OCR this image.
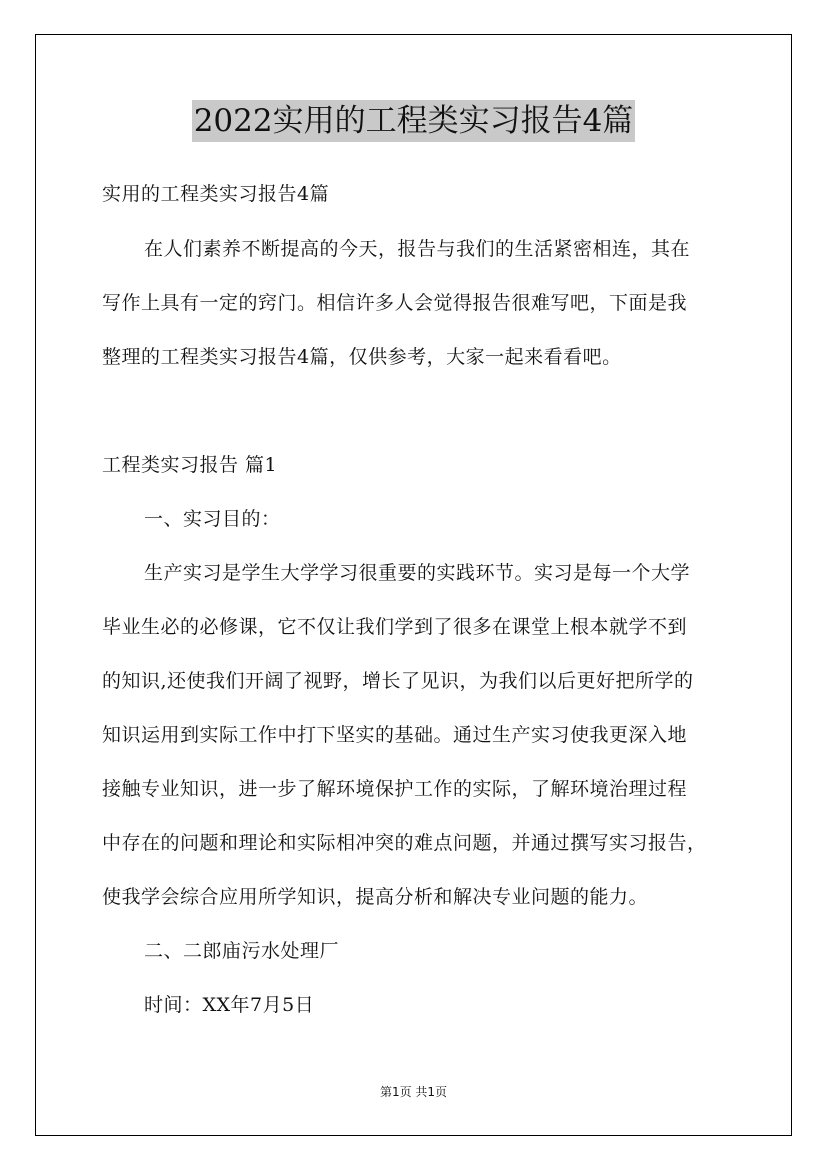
2022实用的工程类实习报告4篇
实用的工程类实习报告4篇
在人们素养不断提高的今天，报告与我们的生活紧密相连，其在
写作上具有一定的窍门。相信许多人会觉得报告很难写吧，下面是我
整理的工程类实习报告4篇，仅供参考，大家一起来看看吧。
工程类实习报告 篇1
一、实习目的：
生产实习是学生大学学习很重要的实践环节。实习是每一个大学
毕业生必的必修课，它不仅让我们学到了很多在课堂上根本就学不到
的知识,还使我们开阔了视野，增长了见识，为我们以后更好把所学的
知识运用到实际工作中打下坚实的基础。通过生产实习使我更深入地
接触专业知识，进一步了解环境保护工作的实际，了解环境治理过程
中存在的问题和理论和实际相冲突的难点问题，并通过撰写实习报告，
使我学会综合应用所学知识，提高分析和解决专业问题的能力。
二、二郎庙污水处理厂
时间：XX年7月5日
第1页 共1页
